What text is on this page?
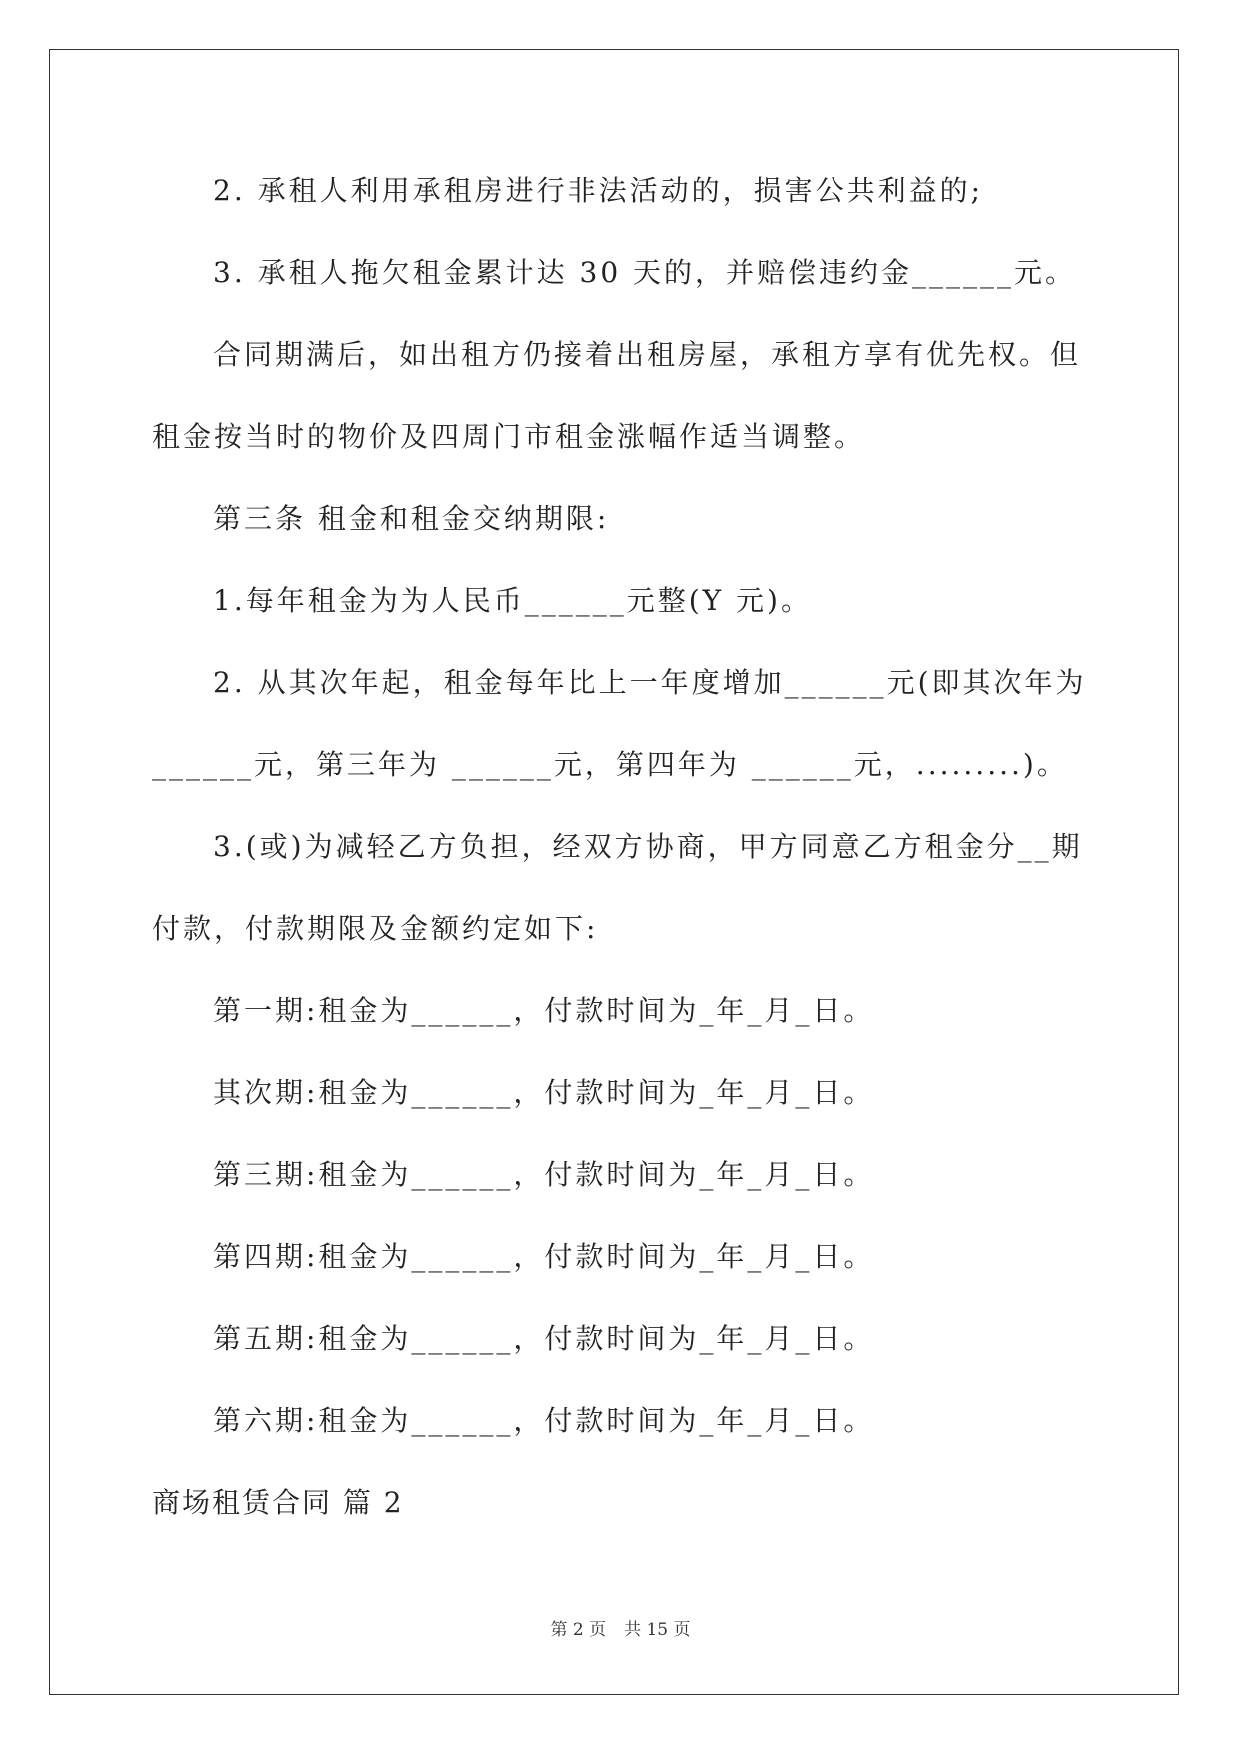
2. 承租人利用承租房进行非法活动的，损害公共利益的;
3. 承租人拖欠租金累计达 30 天的，并赔偿违约金______元。
合同期满后，如出租方仍接着出租房屋，承租方享有优先权。但
租金按当时的物价及四周门市租金涨幅作适当调整。
第三条 租金和租金交纳期限:
1.每年租金为为人民币______元整(Y 元)。
2. 从其次年起，租金每年比上一年度增加______元(即其次年为
______元，第三年为 ______元，第四年为 ______元，.........)。
3.(或)为减轻乙方负担，经双方协商，甲方同意乙方租金分__期
付款，付款期限及金额约定如下:
第一期:租金为______，付款时间为_年_月_日。
其次期:租金为______，付款时间为_年_月_日。
第三期:租金为______，付款时间为_年_月_日。
第四期:租金为______，付款时间为_年_月_日。
第五期:租金为______，付款时间为_年_月_日。
第六期:租金为______，付款时间为_年_月_日。
商场租赁合同 篇 2
第 2 页 共 15 页
